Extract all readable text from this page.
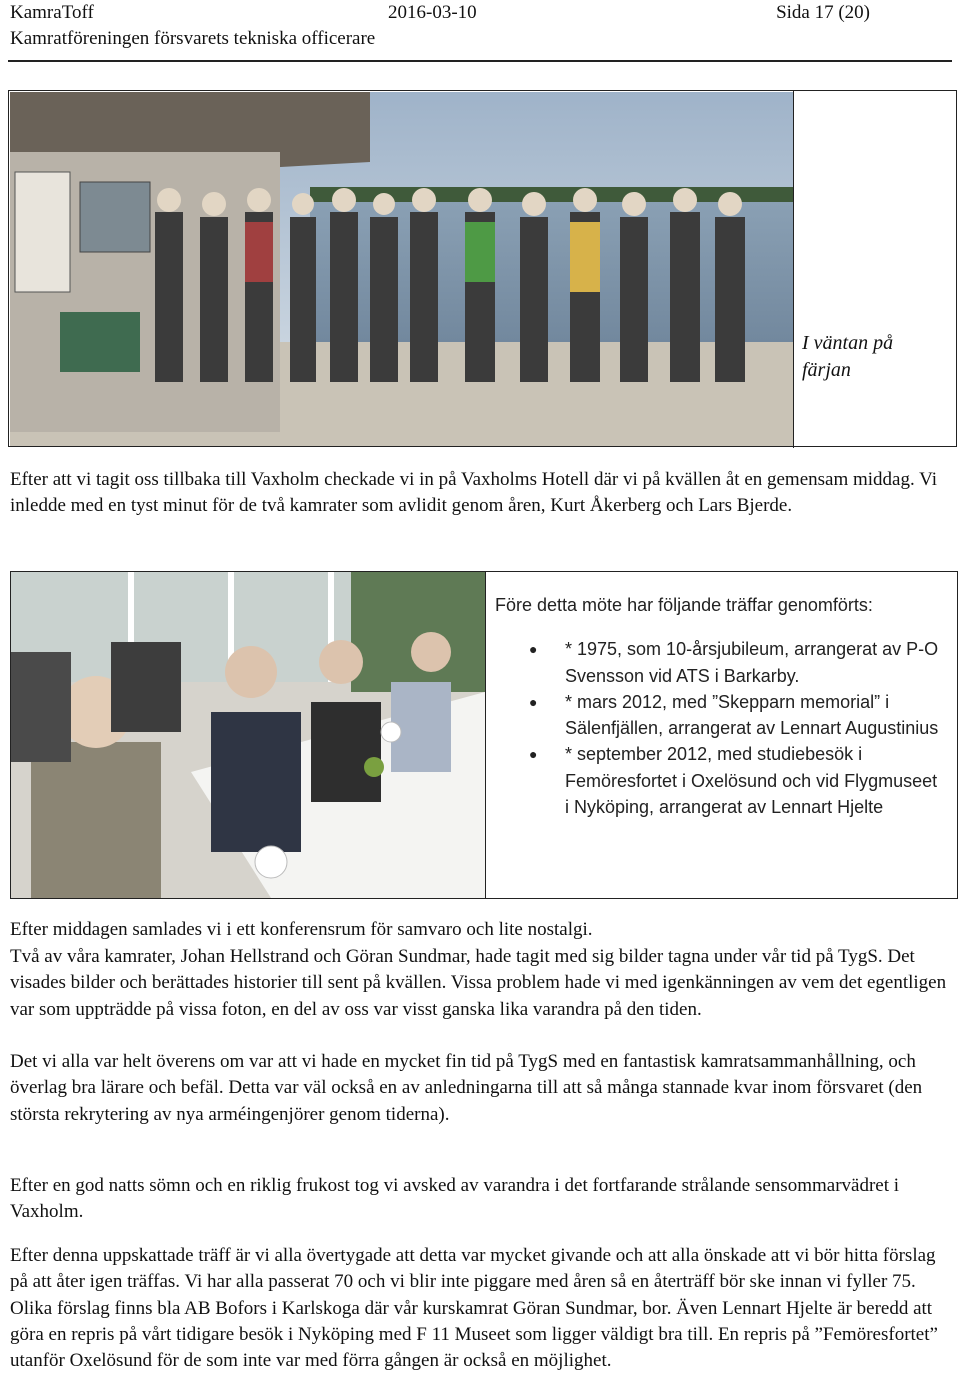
KamraToff	2016-03-10	Sida 17 (20)
Kamratföreningen försvarets tekniska officerare
I väntan på färjan

Efter att vi tagit oss tillbaka till Vaxholm checkade vi in på Vaxholms Hotell där vi på kvällen åt en gemensam middag. Vi inledde med en tyst minut för de två kamrater som avlidit genom åren, Kurt Åkerberg och Lars Bjerde.

Före detta möte har följande träffar genomförts:
● * 1975, som 10-årsjubileum, arrangerat av P-O Svensson vid ATS i Barkarby.
● * mars 2012, med ”Skepparn memorial” i Sälenfjällen, arrangerat av Lennart Augustinius
● * september 2012, med studiebesök i Femöresfortet i Oxelösund och vid Flygmuseet i Nyköping, arrangerat av Lennart Hjelte

Efter middagen samlades vi i ett konferensrum för samvaro och lite nostalgi.

Två av våra kamrater, Johan Hellstrand och Göran Sundmar, hade tagit med sig bilder tagna under vår tid på TygS. Det visades bilder och berättades historier till sent på kvällen. Vissa problem hade vi med igenkänningen av vem det egentligen var som uppträdde på vissa foton, en del av oss var visst ganska lika varandra på den tiden.

Det vi alla var helt överens om var att vi hade en mycket fin tid på TygS med en fantastisk kamratsammanhållning, och överlag bra lärare och befäl. Detta var väl också en av anledningarna till att så många stannade kvar inom försvaret (den största rekrytering av nya arméingenjörer genom tiderna).

Efter en god natts sömn och en riklig frukost tog vi avsked av varandra i det fortfarande strålande sensommarvädret i Vaxholm.

Efter denna uppskattade träff är vi alla övertygade att detta var mycket givande och att alla önskade att vi bör hitta förslag på att åter igen träffas. Vi har alla passerat 70 och vi blir inte piggare med åren så en återträff bör ske innan vi fyller 75. Olika förslag finns bla AB Bofors i Karlskoga där vår kurskamrat Göran Sundmar, bor. Även Lennart Hjelte är beredd att göra en repris på vårt tidigare besök i Nyköping med F 11 Museet som ligger väldigt bra till. En repris på ”Femöresfortet” utanför Oxelösund för de som inte var med förra gången är också en möjlighet.
